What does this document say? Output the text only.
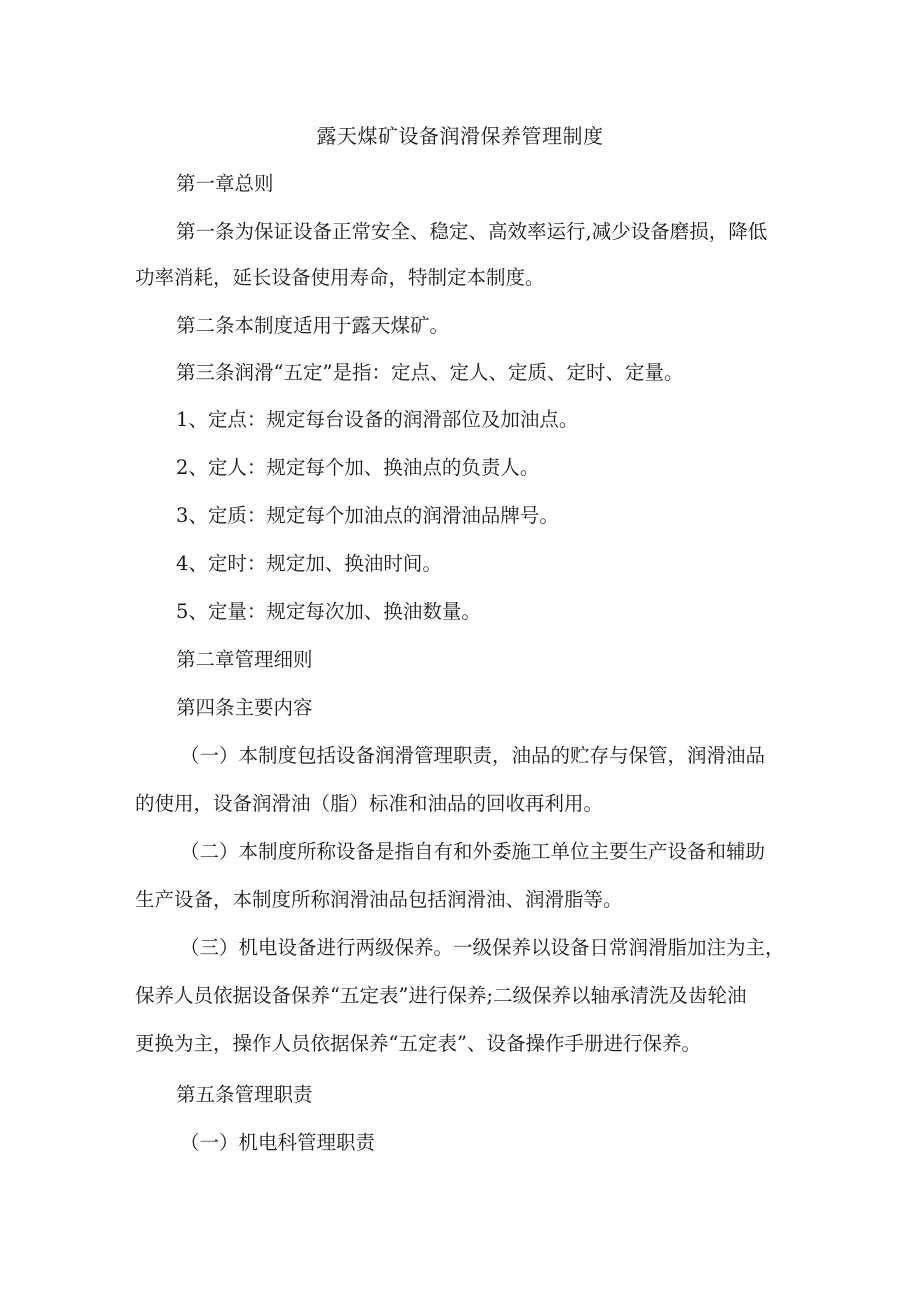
露天煤矿设备润滑保养管理制度
第一章总则
第一条为保证设备正常安全、稳定、高效率运行,减少设备磨损，降低
功率消耗，延长设备使用寿命，特制定本制度。
第二条本制度适用于露天煤矿。
第三条润滑“五定”是指：定点、定人、定质、定时、定量。
1、定点：规定每台设备的润滑部位及加油点。
2、定人：规定每个加、换油点的负责人。
3、定质：规定每个加油点的润滑油品牌号。
4、定时：规定加、换油时间。
5、定量：规定每次加、换油数量。
第二章管理细则
第四条主要内容
（一）本制度包括设备润滑管理职责，油品的贮存与保管，润滑油品
的使用，设备润滑油（脂）标准和油品的回收再利用。
（二）本制度所称设备是指自有和外委施工单位主要生产设备和辅助
生产设备，本制度所称润滑油品包括润滑油、润滑脂等。
（三）机电设备进行两级保养。一级保养以设备日常润滑脂加注为主，
保养人员依据设备保养“五定表”进行保养;二级保养以轴承清洗及齿轮油
更换为主，操作人员依据保养“五定表”、设备操作手册进行保养。
第五条管理职责
（一）机电科管理职责
